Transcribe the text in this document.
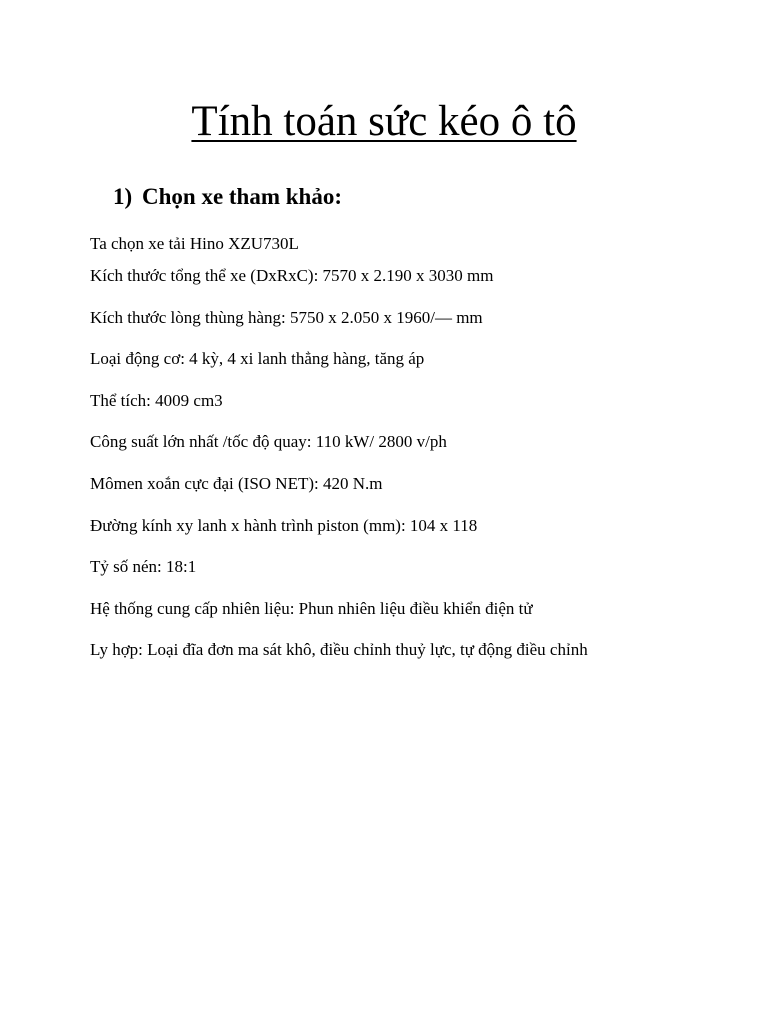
Tính toán sức kéo ô tô
1) Chọn xe tham khảo:

Ta chọn xe tải Hino XZU730L

Kích thước tổng thể xe (DxRxC): 7570 x 2.190 x 3030 mm

Kích thước lòng thùng hàng: 5750 x 2.050 x 1960/— mm

Loại động cơ: 4 kỳ, 4 xi lanh thẳng hàng, tăng áp

Thể tích: 4009 cm3

Công suất lớn nhất /tốc độ quay: 110 kW/ 2800 v/ph

Mômen xoắn cực đại (ISO NET): 420 N.m

Đường kính xy lanh x hành trình piston (mm): 104 x 118

Tỷ số nén: 18:1

Hệ thống cung cấp nhiên liệu: Phun nhiên liệu điều khiển điện tử

Ly hợp: Loại đĩa đơn ma sát khô, điều chỉnh thuỷ lực, tự động điều chỉnh
